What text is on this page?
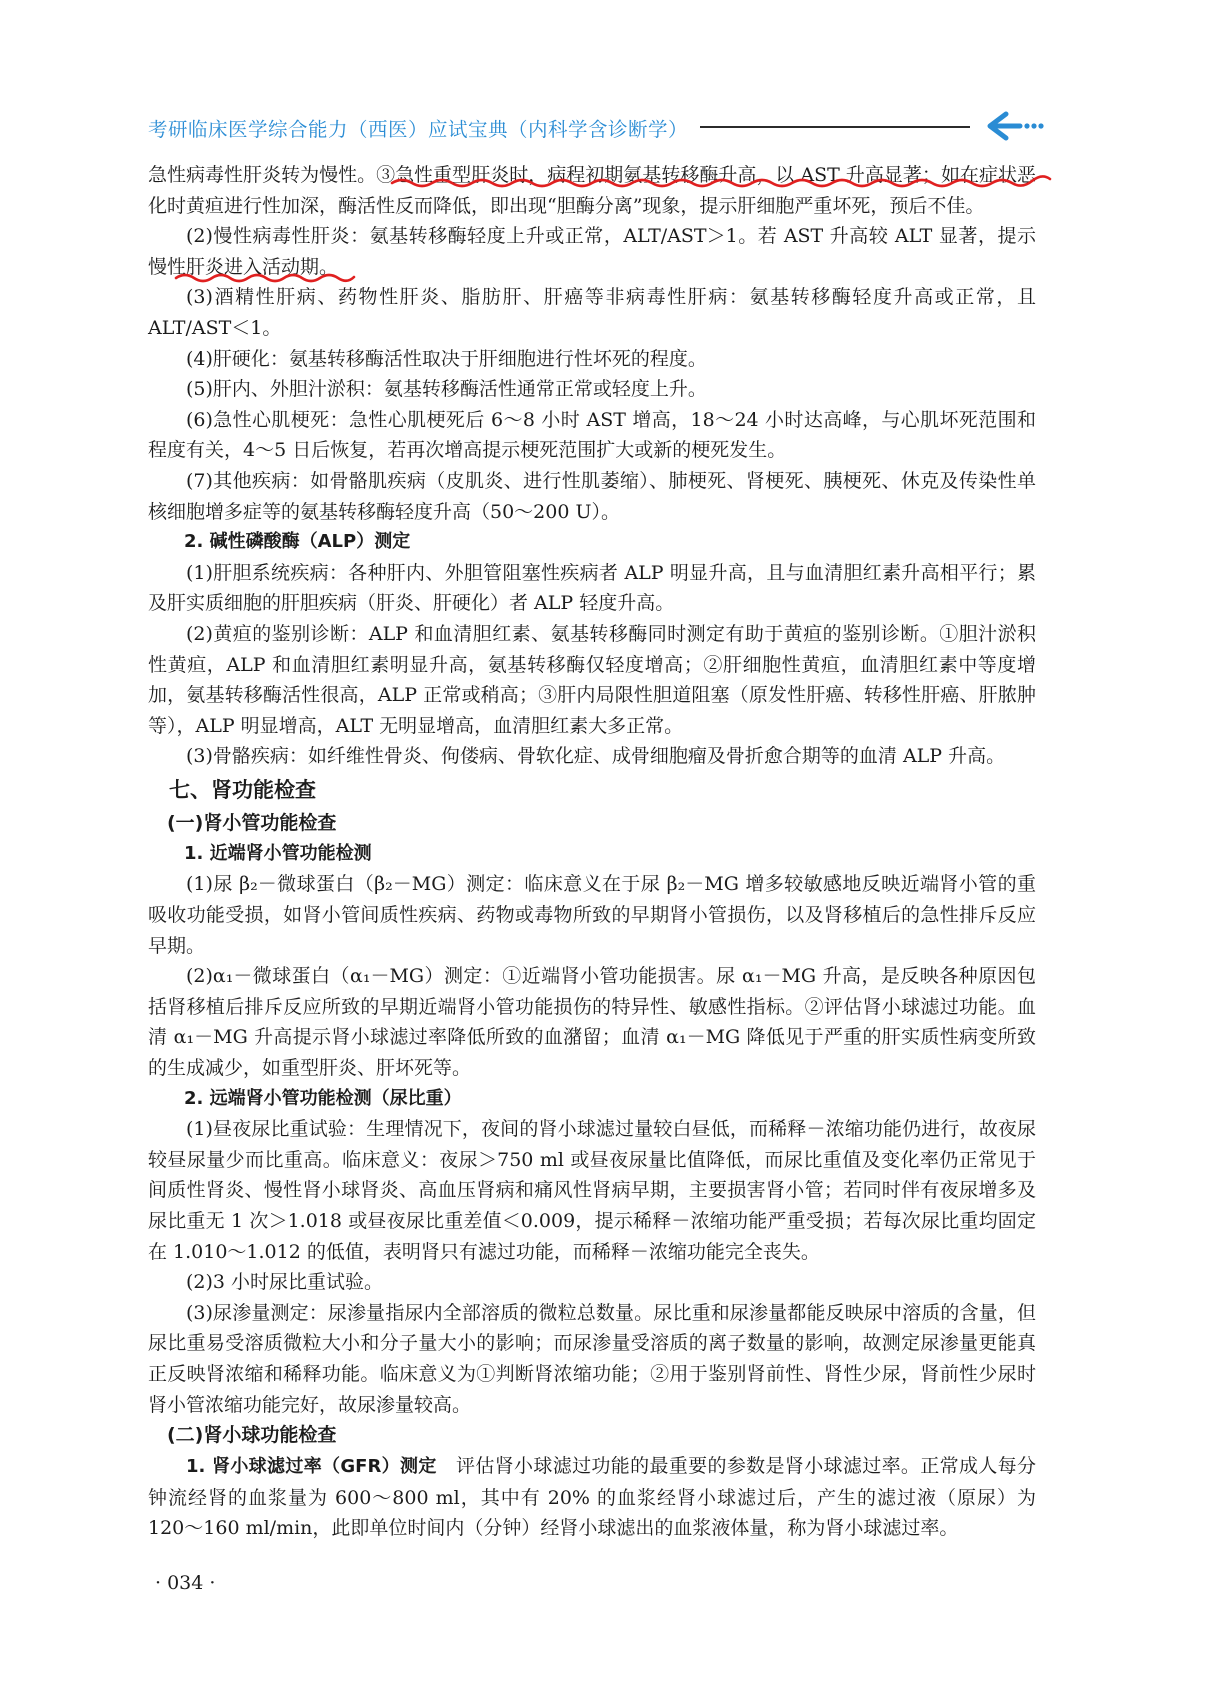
考研临床医学综合能力（西医）应试宝典（内科学含诊断学）

急性病毒性肝炎转为慢性。③急性重型肝炎时，病程初期氨基转移酶升高，以 AST 升高显著；如在症状恶化时黄疸进行性加深，酶活性反而降低，即出现“胆酶分离”现象，提示肝细胞严重坏死，预后不佳。

(2)慢性病毒性肝炎：氨基转移酶轻度上升或正常，ALT/AST＞1。若 AST 升高较 ALT 显著，提示慢性肝炎进入活动期。

(3)酒精性肝病、药物性肝炎、脂肪肝、肝癌等非病毒性肝病：氨基转移酶轻度升高或正常，且 ALT/AST＜1。

(4)肝硬化：氨基转移酶活性取决于肝细胞进行性坏死的程度。

(5)肝内、外胆汁淤积：氨基转移酶活性通常正常或轻度上升。

(6)急性心肌梗死：急性心肌梗死后 6～8 小时 AST 增高，18～24 小时达高峰，与心肌坏死范围和程度有关，4～5 日后恢复，若再次增高提示梗死范围扩大或新的梗死发生。

(7)其他疾病：如骨骼肌疾病（皮肌炎、进行性肌萎缩）、肺梗死、肾梗死、胰梗死、休克及传染性单核细胞增多症等的氨基转移酶轻度升高（50～200 U）。

2. 碱性磷酸酶（ALP）测定

(1)肝胆系统疾病：各种肝内、外胆管阻塞性疾病者 ALP 明显升高，且与血清胆红素升高相平行；累及肝实质细胞的肝胆疾病（肝炎、肝硬化）者 ALP 轻度升高。

(2)黄疸的鉴别诊断：ALP 和血清胆红素、氨基转移酶同时测定有助于黄疸的鉴别诊断。①胆汁淤积性黄疸，ALP 和血清胆红素明显升高，氨基转移酶仅轻度增高；②肝细胞性黄疸，血清胆红素中等度增加，氨基转移酶活性很高，ALP 正常或稍高；③肝内局限性胆道阻塞（原发性肝癌、转移性肝癌、肝脓肿等），ALP 明显增高，ALT 无明显增高，血清胆红素大多正常。

(3)骨骼疾病：如纤维性骨炎、佝偻病、骨软化症、成骨细胞瘤及骨折愈合期等的血清 ALP 升高。

七、肾功能检查

(一)肾小管功能检查

1. 近端肾小管功能检测

(1)尿 β₂－微球蛋白（β₂－MG）测定：临床意义在于尿 β₂－MG 增多较敏感地反映近端肾小管的重吸收功能受损，如肾小管间质性疾病、药物或毒物所致的早期肾小管损伤，以及肾移植后的急性排斥反应早期。

(2)α₁－微球蛋白（α₁－MG）测定：①近端肾小管功能损害。尿 α₁－MG 升高，是反映各种原因包括肾移植后排斥反应所致的早期近端肾小管功能损伤的特异性、敏感性指标。②评估肾小球滤过功能。血清 α₁－MG 升高提示肾小球滤过率降低所致的血潴留；血清 α₁－MG 降低见于严重的肝实质性病变所致的生成减少，如重型肝炎、肝坏死等。

2. 远端肾小管功能检测（尿比重）

(1)昼夜尿比重试验：生理情况下，夜间的肾小球滤过量较白昼低，而稀释－浓缩功能仍进行，故夜尿较昼尿量少而比重高。临床意义：夜尿＞750 ml 或昼夜尿量比值降低，而尿比重值及变化率仍正常见于间质性肾炎、慢性肾小球肾炎、高血压肾病和痛风性肾病早期，主要损害肾小管；若同时伴有夜尿增多及尿比重无 1 次＞1.018 或昼夜尿比重差值＜0.009，提示稀释－浓缩功能严重受损；若每次尿比重均固定在 1.010～1.012 的低值，表明肾只有滤过功能，而稀释－浓缩功能完全丧失。

(2)3 小时尿比重试验。

(3)尿渗量测定：尿渗量指尿内全部溶质的微粒总数量。尿比重和尿渗量都能反映尿中溶质的含量，但尿比重易受溶质微粒大小和分子量大小的影响；而尿渗量受溶质的离子数量的影响，故测定尿渗量更能真正反映肾浓缩和稀释功能。临床意义为①判断肾浓缩功能；②用于鉴别肾前性、肾性少尿，肾前性少尿时肾小管浓缩功能完好，故尿渗量较高。

(二)肾小球功能检查

1. 肾小球滤过率（GFR）测定　评估肾小球滤过功能的最重要的参数是肾小球滤过率。正常成人每分钟流经肾的血浆量为 600～800 ml，其中有 20% 的血浆经肾小球滤过后，产生的滤过液（原尿）为 120～160 ml/min，此即单位时间内（分钟）经肾小球滤出的血浆液体量，称为肾小球滤过率。

· 034 ·
